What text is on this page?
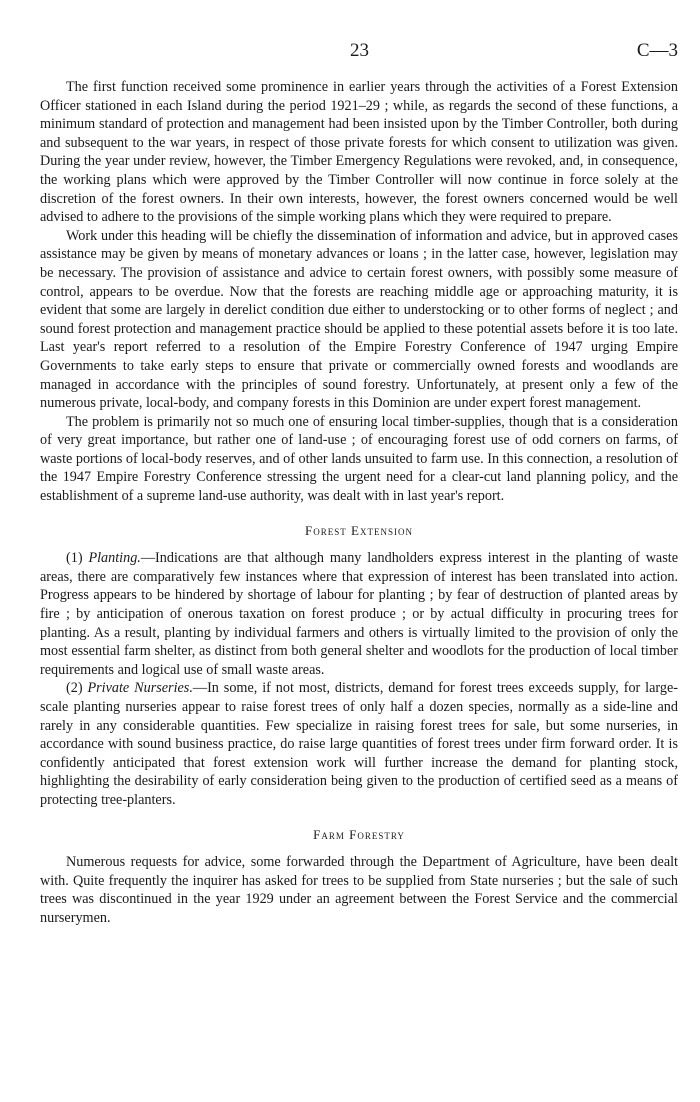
23	C—3

The first function received some prominence in earlier years through the activities of a Forest Extension Officer stationed in each Island during the period 1921–29 ; while, as regards the second of these functions, a minimum standard of protection and management had been insisted upon by the Timber Controller, both during and subsequent to the war years, in respect of those private forests for which consent to utilization was given. During the year under review, however, the Timber Emergency Regulations were revoked, and, in consequence, the working plans which were approved by the Timber Controller will now continue in force solely at the discretion of the forest owners. In their own interests, however, the forest owners concerned would be well advised to adhere to the provisions of the simple working plans which they were required to prepare.

Work under this heading will be chiefly the dissemination of information and advice, but in approved cases assistance may be given by means of monetary advances or loans ; in the latter case, however, legislation may be necessary. The provision of assistance and advice to certain forest owners, with possibly some measure of control, appears to be overdue. Now that the forests are reaching middle age or approaching maturity, it is evident that some are largely in derelict condition due either to understocking or to other forms of neglect ; and sound forest protection and management practice should be applied to these potential assets before it is too late. Last year's report referred to a resolution of the Empire Forestry Conference of 1947 urging Empire Governments to take early steps to ensure that private or commercially owned forests and woodlands are managed in accordance with the principles of sound forestry. Unfortunately, at present only a few of the numerous private, local-body, and company forests in this Dominion are under expert forest management.

The problem is primarily not so much one of ensuring local timber-supplies, though that is a consideration of very great importance, but rather one of land-use ; of encouraging forest use of odd corners on farms, of waste portions of local-body reserves, and of other lands unsuited to farm use. In this connection, a resolution of the 1947 Empire Forestry Conference stressing the urgent need for a clear-cut land planning policy, and the establishment of a supreme land-use authority, was dealt with in last year's report.

Forest Extension

(1) Planting.—Indications are that although many landholders express interest in the planting of waste areas, there are comparatively few instances where that expression of interest has been translated into action. Progress appears to be hindered by shortage of labour for planting ; by fear of destruction of planted areas by fire ; by anticipation of onerous taxation on forest produce ; or by actual difficulty in procuring trees for planting. As a result, planting by individual farmers and others is virtually limited to the provision of only the most essential farm shelter, as distinct from both general shelter and woodlots for the production of local timber requirements and logical use of small waste areas.

(2) Private Nurseries.—In some, if not most, districts, demand for forest trees exceeds supply, for large-scale planting nurseries appear to raise forest trees of only half a dozen species, normally as a side-line and rarely in any considerable quantities. Few specialize in raising forest trees for sale, but some nurseries, in accordance with sound business practice, do raise large quantities of forest trees under firm forward order. It is confidently anticipated that forest extension work will further increase the demand for planting stock, highlighting the desirability of early consideration being given to the production of certified seed as a means of protecting tree-planters.

Farm Forestry

Numerous requests for advice, some forwarded through the Department of Agriculture, have been dealt with. Quite frequently the inquirer has asked for trees to be supplied from State nurseries ; but the sale of such trees was discontinued in the year 1929 under an agreement between the Forest Service and the commercial nurserymen.
